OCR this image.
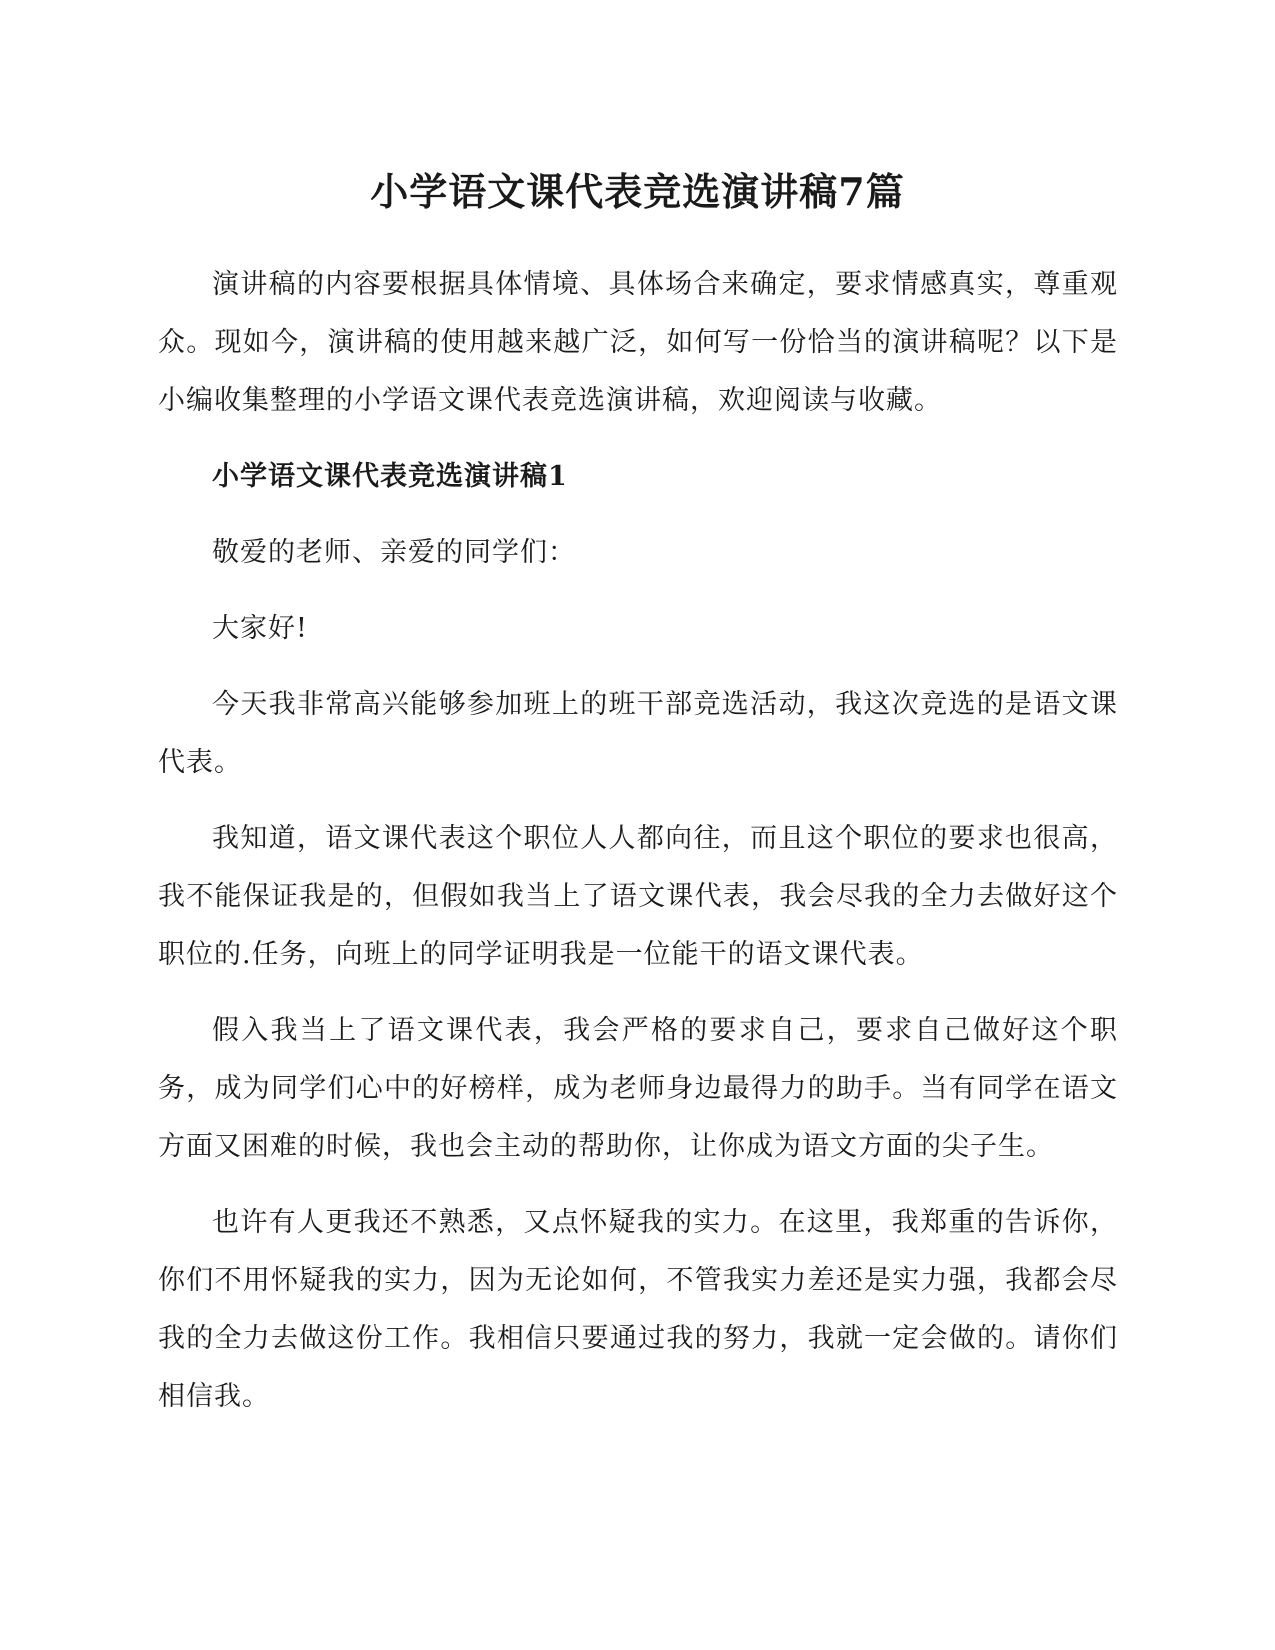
小学语文课代表竞选演讲稿7篇

演讲稿的内容要根据具体情境、具体场合来确定，要求情感真实，尊重观众。现如今，演讲稿的使用越来越广泛，如何写一份恰当的演讲稿呢？以下是小编收集整理的小学语文课代表竞选演讲稿，欢迎阅读与收藏。

小学语文课代表竞选演讲稿1

敬爱的老师、亲爱的同学们：

大家好!

今天我非常高兴能够参加班上的班干部竞选活动，我这次竞选的是语文课代表。

我知道，语文课代表这个职位人人都向往，而且这个职位的要求也很高，我不能保证我是的，但假如我当上了语文课代表，我会尽我的全力去做好这个职位的.任务，向班上的同学证明我是一位能干的语文课代表。

假入我当上了语文课代表，我会严格的要求自己，要求自己做好这个职务，成为同学们心中的好榜样，成为老师身边最得力的助手。当有同学在语文方面又困难的时候，我也会主动的帮助你，让你成为语文方面的尖子生。

也许有人更我还不熟悉，又点怀疑我的实力。在这里，我郑重的告诉你，你们不用怀疑我的实力，因为无论如何，不管我实力差还是实力强，我都会尽我的全力去做这份工作。我相信只要通过我的努力，我就一定会做的。请你们相信我。
